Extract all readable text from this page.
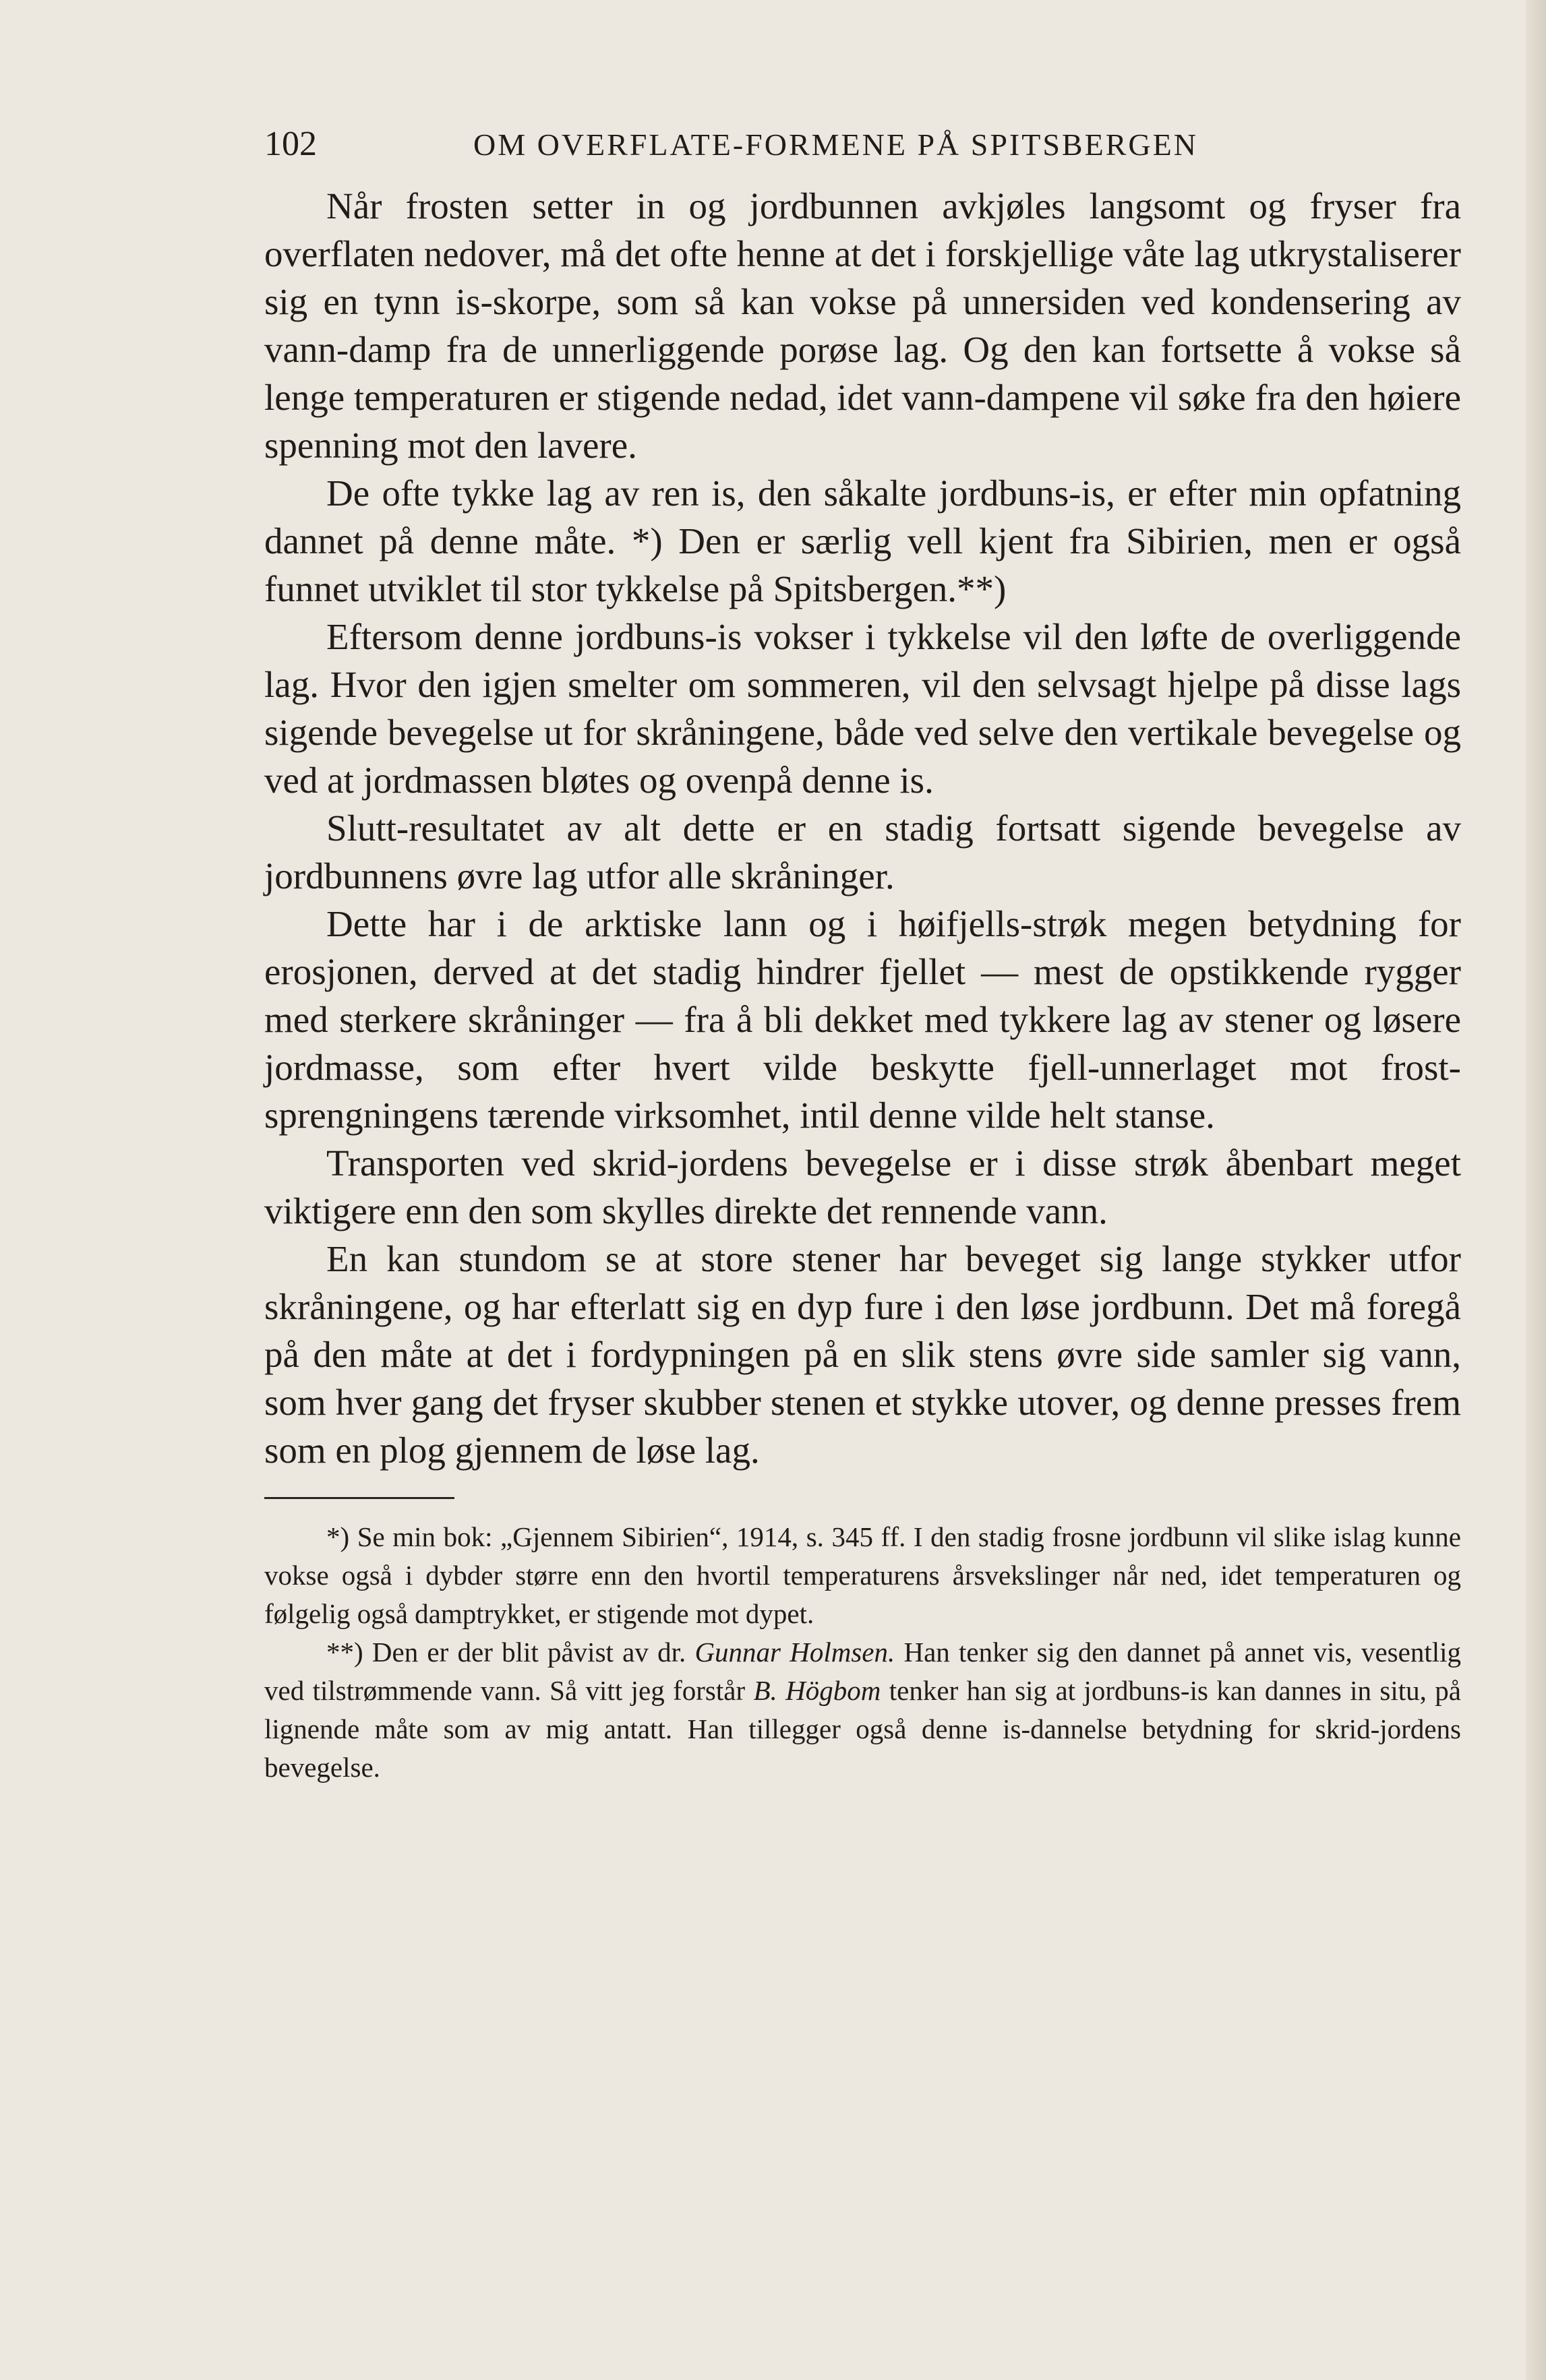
102	OM OVERFLATE-FORMENE PÅ SPITSBERGEN

Når frosten setter in og jordbunnen avkjøles langsomt og fryser fra overflaten nedover, må det ofte henne at det i forskjellige våte lag utkrystaliserer sig en tynn is-skorpe, som så kan vokse på unnersiden ved kondensering av vann-damp fra de unnerliggende porøse lag. Og den kan fortsette å vokse så lenge temperaturen er stigende nedad, idet vann-dampene vil søke fra den høiere spenning mot den lavere.

De ofte tykke lag av ren is, den såkalte jordbuns-is, er efter min opfatning dannet på denne måte. *) Den er særlig vell kjent fra Sibirien, men er også funnet utviklet til stor tykkelse på Spitsbergen.**)

Eftersom denne jordbuns-is vokser i tykkelse vil den løfte de overliggende lag. Hvor den igjen smelter om sommeren, vil den selvsagt hjelpe på disse lags sigende bevegelse ut for skråningene, både ved selve den vertikale bevegelse og ved at jordmassen bløtes og ovenpå denne is.

Slutt-resultatet av alt dette er en stadig fortsatt sigende bevegelse av jordbunnens øvre lag utfor alle skråninger.

Dette har i de arktiske lann og i høifjells-strøk megen betydning for erosjonen, derved at det stadig hindrer fjellet — mest de opstikkende rygger med sterkere skråninger — fra å bli dekket med tykkere lag av stener og løsere jordmasse, som efter hvert vilde beskytte fjell-unnerlaget mot frost-sprengningens tærende virksomhet, intil denne vilde helt stanse.

Transporten ved skrid-jordens bevegelse er i disse strøk åbenbart meget viktigere enn den som skylles direkte det rennende vann.

En kan stundom se at store stener har beveget sig lange stykker utfor skråningene, og har efterlatt sig en dyp fure i den løse jordbunn. Det må foregå på den måte at det i fordypningen på en slik stens øvre side samler sig vann, som hver gang det fryser skubber stenen et stykke utover, og denne presses frem som en plog gjennem de løse lag.

*) Se min bok: „Gjennem Sibirien“, 1914, s. 345 ff. I den stadig frosne jordbunn vil slike islag kunne vokse også i dybder større enn den hvortil temperaturens årsvekslinger når ned, idet temperaturen og følgelig også damptrykket, er stigende mot dypet.

**) Den er der blit påvist av dr. Gunnar Holmsen. Han tenker sig den dannet på annet vis, vesentlig ved tilstrømmende vann. Så vitt jeg forstår B. Högbom tenker han sig at jordbuns-is kan dannes in situ, på lignende måte som av mig antatt. Han tillegger også denne is-dannelse betydning for skrid-jordens bevegelse.
